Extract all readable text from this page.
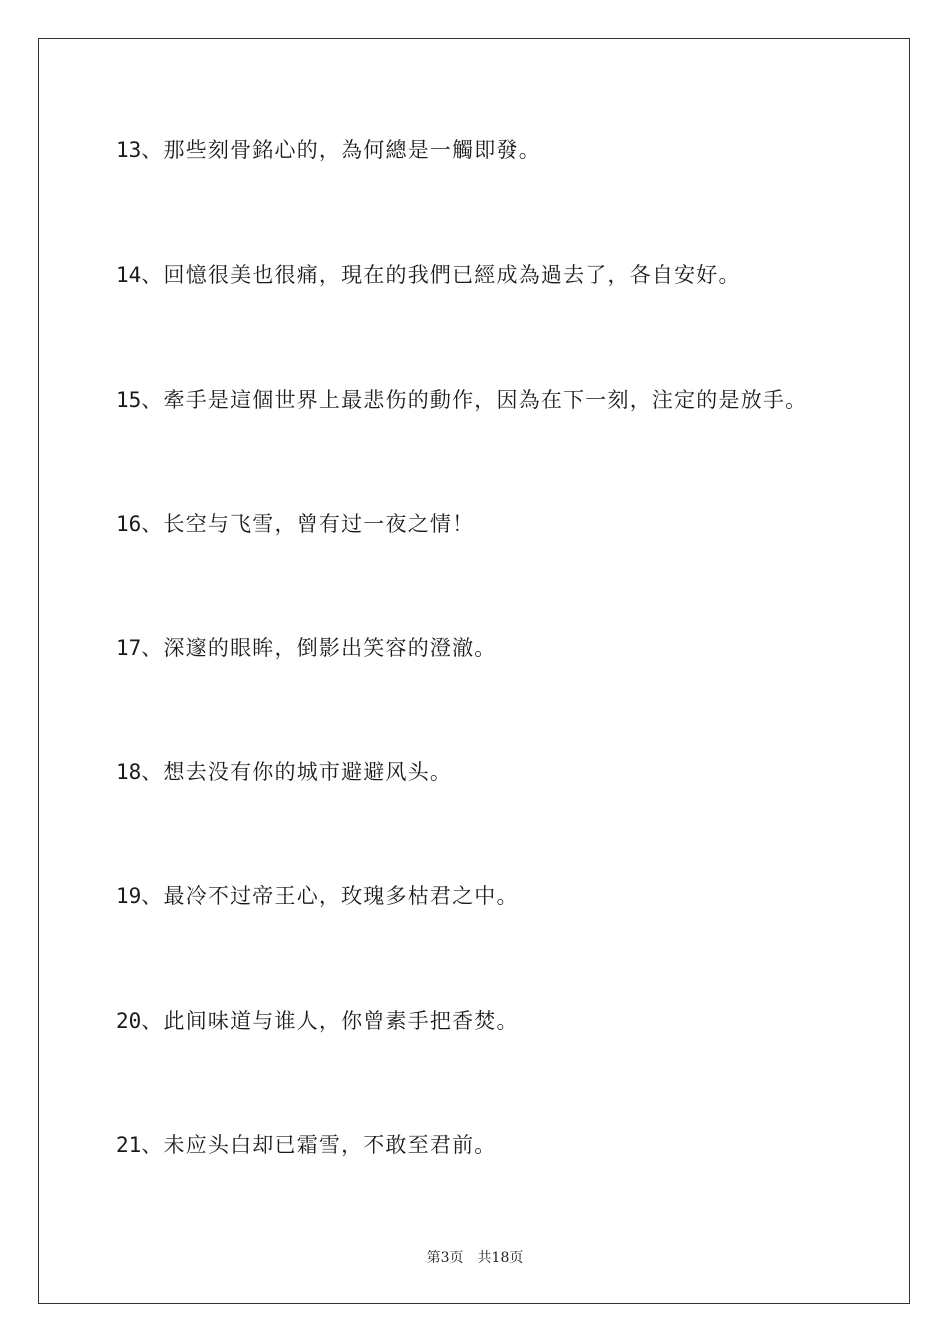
13、那些刻骨銘心的，為何總是一觸即發。
14、回憶很美也很痛，現在的我們已經成為過去了，各自安好。
15、牽手是這個世界上最悲伤的動作，因為在下一刻，注定的是放手。
16、长空与飞雪，曾有过一夜之情！
17、深邃的眼眸，倒影出笑容的澄澈。
18、想去没有你的城市避避风头。
19、最冷不过帝王心，玫瑰多枯君之中。
20、此间味道与谁人，你曾素手把香焚。
21、未应头白却已霜雪，不敢至君前。
第3页 共18页
